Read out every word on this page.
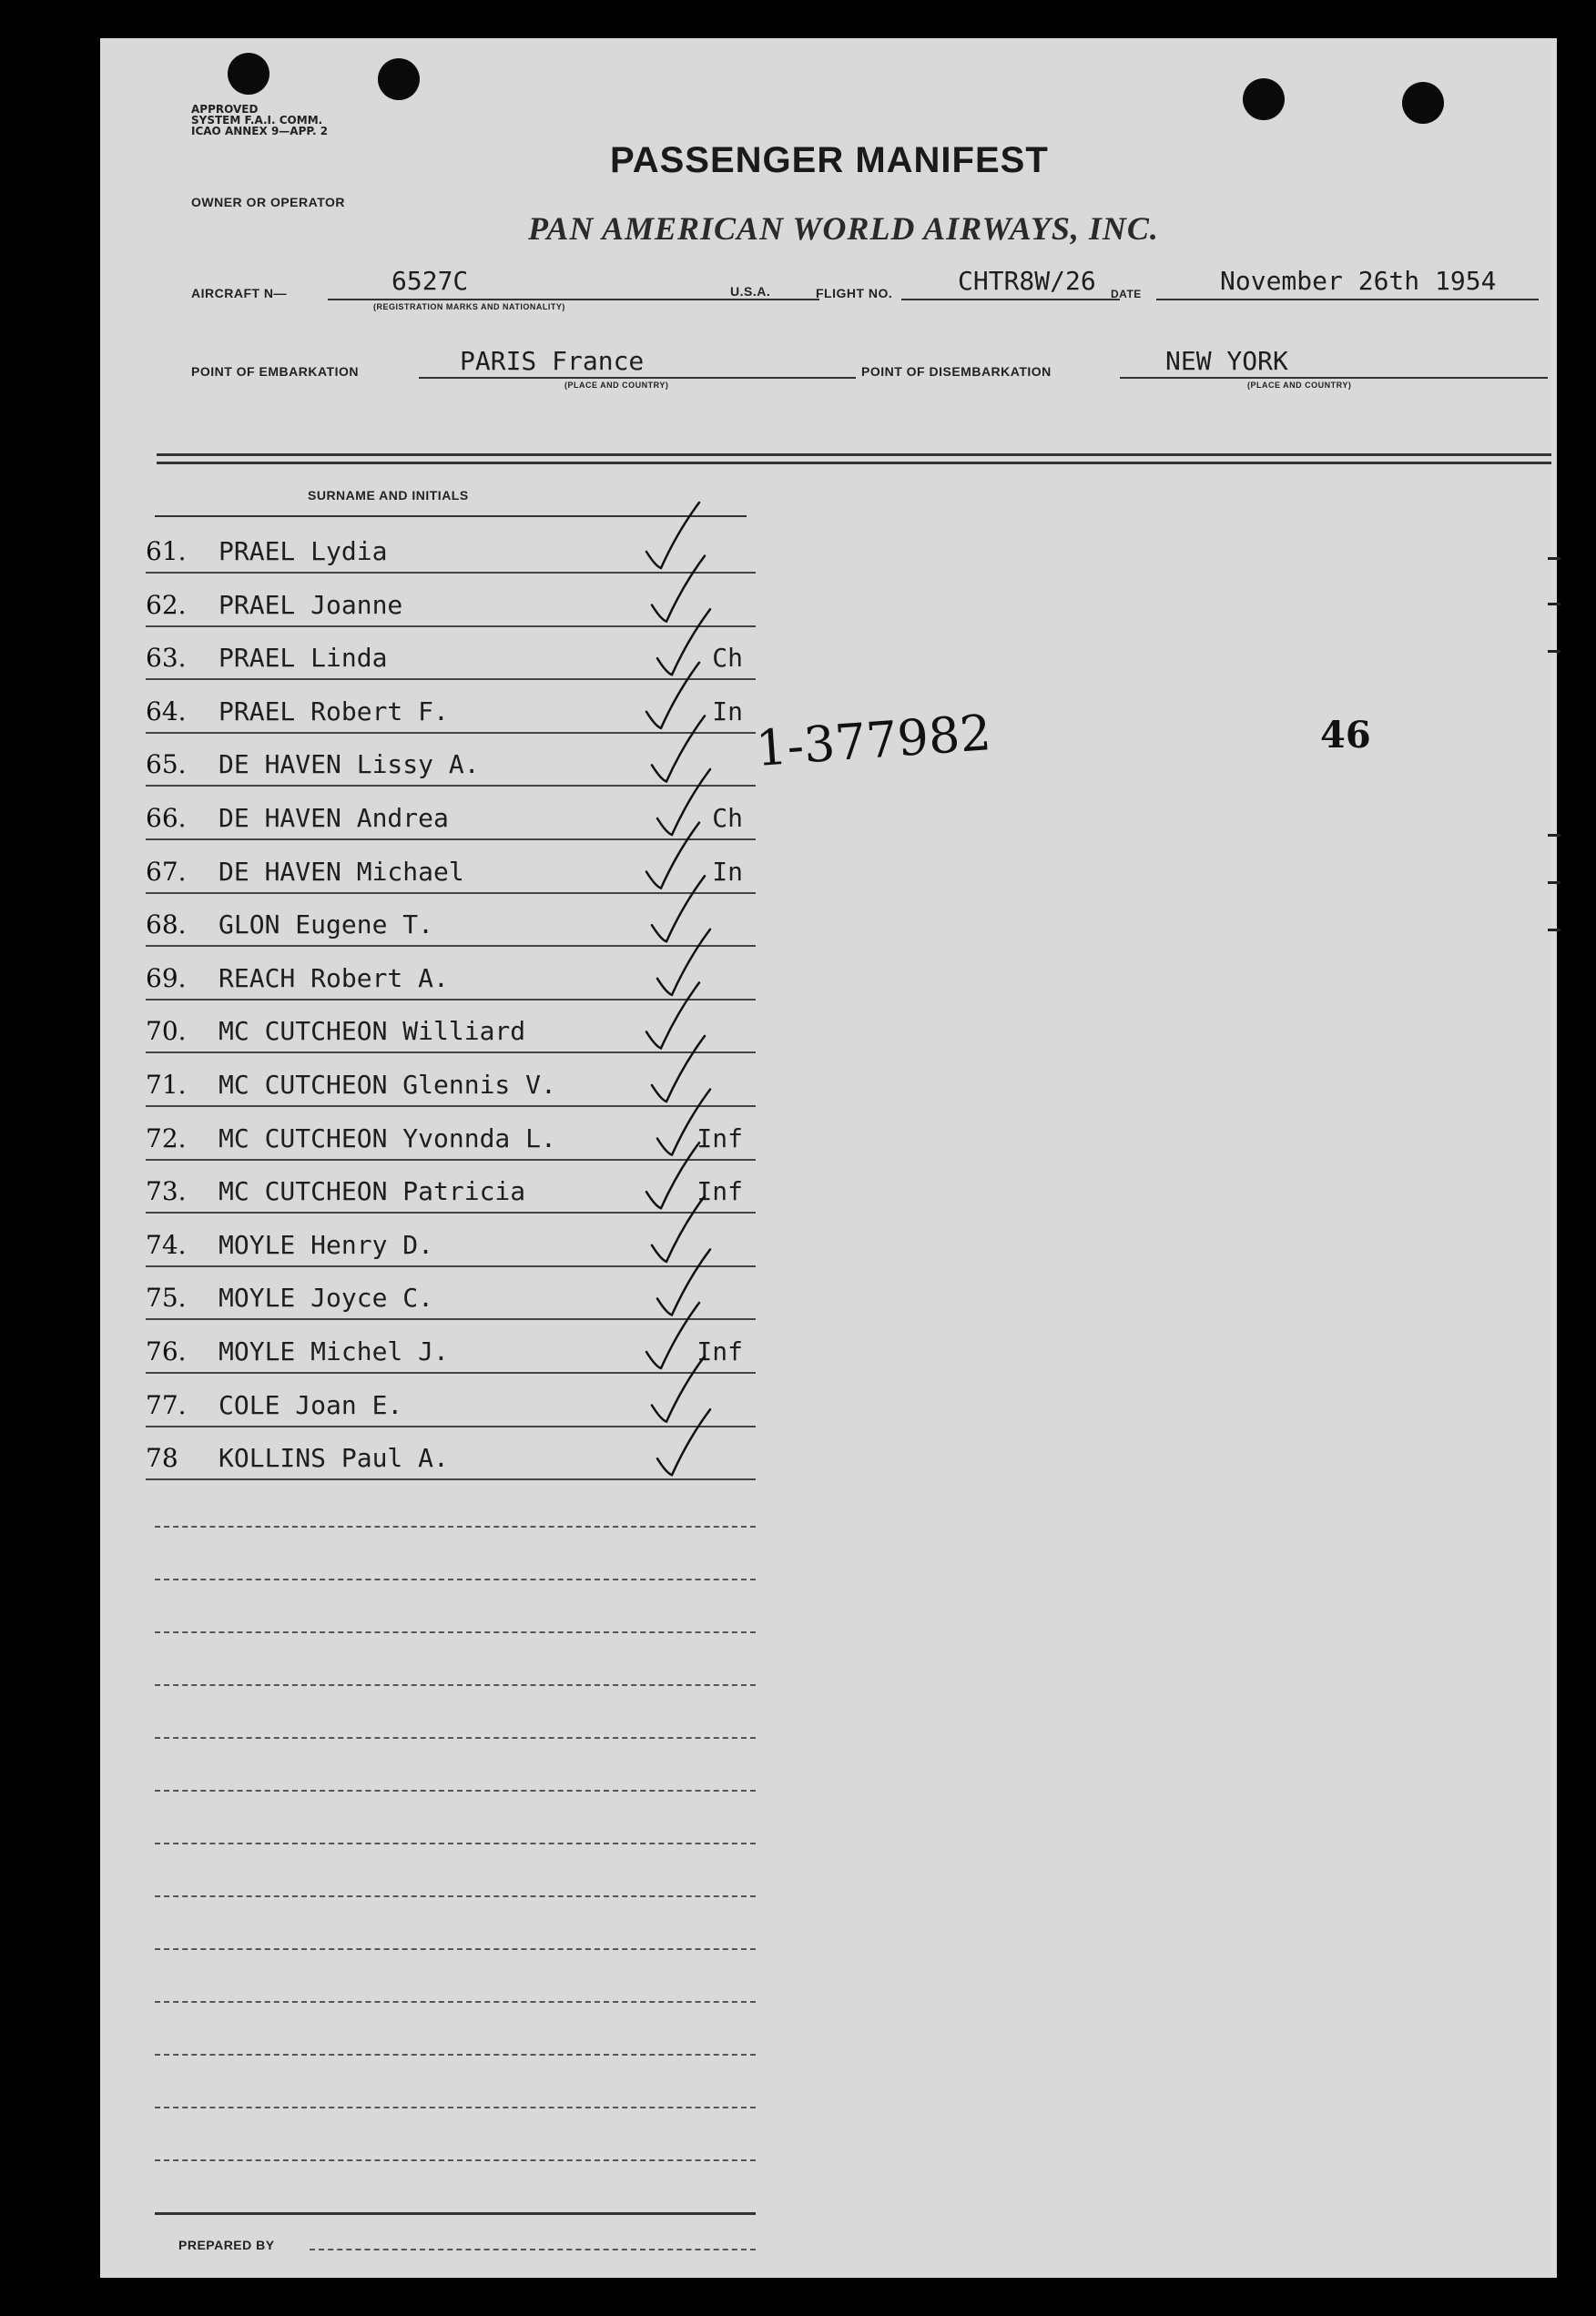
APPROVED
SYSTEM F.A.I. COMM.
ICAO ANNEX 9—APP. 2
PASSENGER MANIFEST
OWNER OR OPERATOR
PAN AMERICAN WORLD AIRWAYS, INC.
AIRCRAFT N—	6527C
(REGISTRATION MARKS AND NATIONALITY)
U.S.A.	FLIGHT NO.	CHTR8W/26 DATE	November 26th 1954
POINT OF EMBARKATION	PARIS France
(PLACE AND COUNTRY)
POINT OF DISEMBARKATION	NEW YORK
(PLACE AND COUNTRY)
SURNAME AND INITIALS
61. PRAEL Lydia
62. PRAEL Joanne
63. PRAEL Linda	Ch
64. PRAEL Robert F.	In
65. DE HAVEN Lissy A.
66. DE HAVEN Andrea	Ch
67. DE HAVEN Michael	In
68. GLON Eugene T.
69. REACH Robert A.
70. MC CUTCHEON Williard
71. MC CUTCHEON Glennis V.
72. MC CUTCHEON Yvonnda L.	Inf
73. MC CUTCHEON Patricia	Inf
74. MOYLE Henry D.
75. MOYLE Joyce C.
76. MOYLE Michel J.	Inf
77. COLE Joan E.
78 KOLLINS Paul A.
1-377982	46
PREPARED BY
